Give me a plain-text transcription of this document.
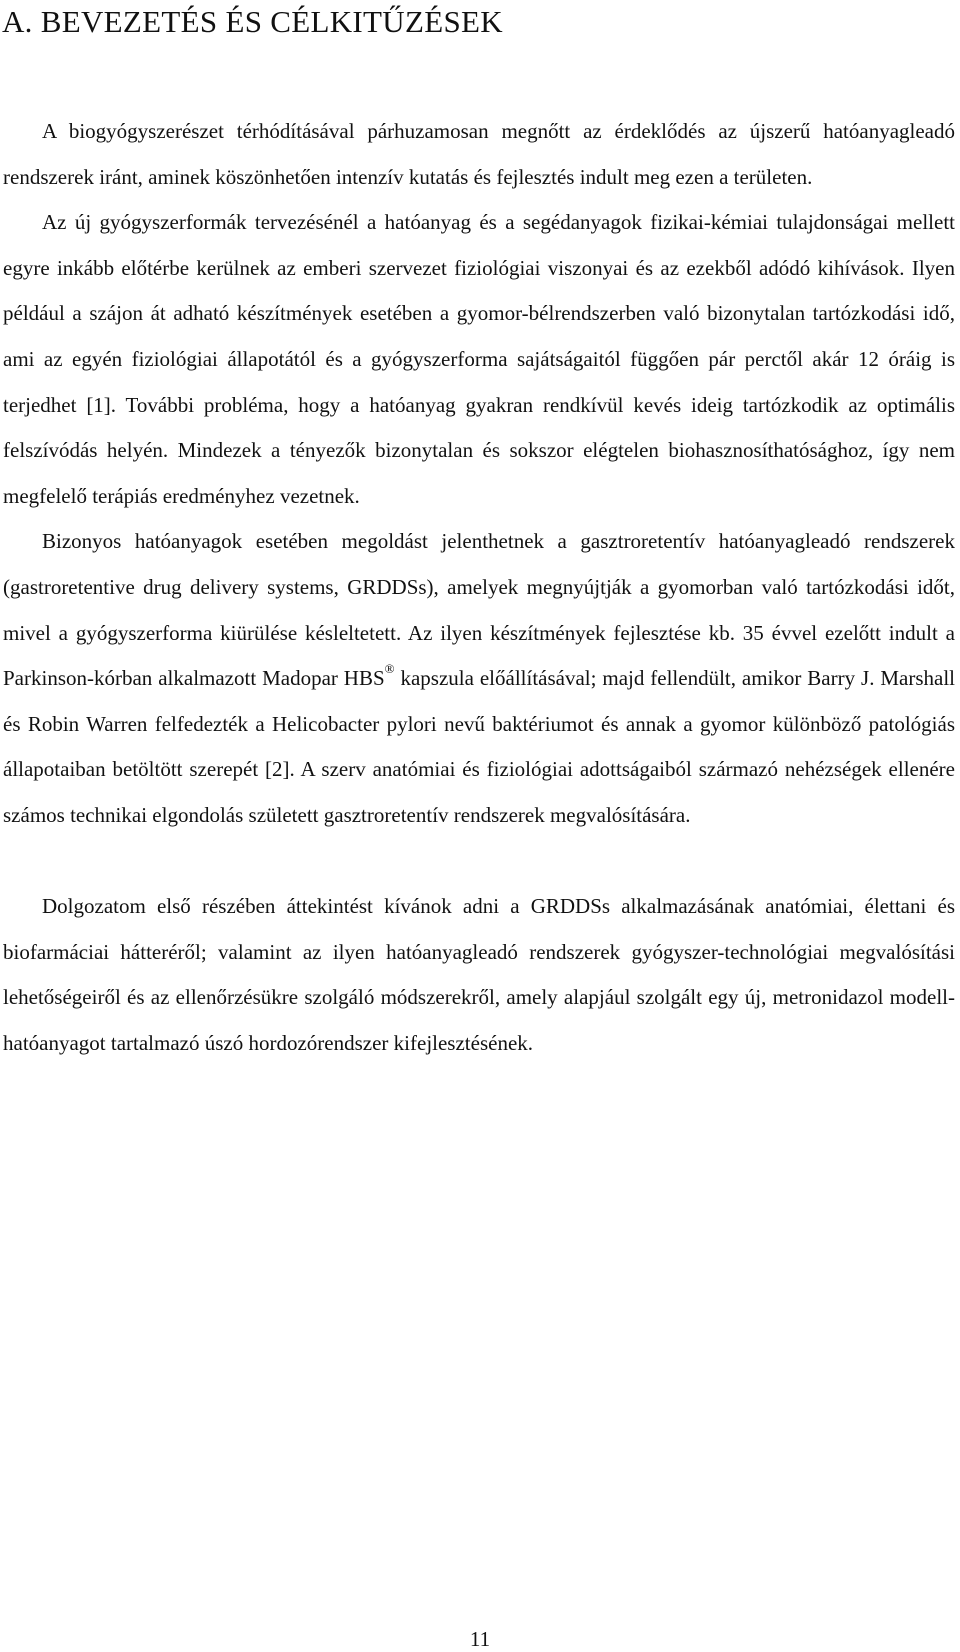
A. BEVEZETÉS ÉS CÉLKITŰZÉSEK

A biogyógyszerészet térhódításával párhuzamosan megnőtt az érdeklődés az újszerű hatóanyagleadó rendszerek iránt, aminek köszönhetően intenzív kutatás és fejlesztés indult meg ezen a területen.

Az új gyógyszerformák tervezésénél a hatóanyag és a segédanyagok fizikai-kémiai tulajdonságai mellett egyre inkább előtérbe kerülnek az emberi szervezet fiziológiai viszonyai és az ezekből adódó kihívások. Ilyen például a szájon át adható készítmények esetében a gyomor-bélrendszerben való bizonytalan tartózkodási idő, ami az egyén fiziológiai állapotától és a gyógyszerforma sajátságaitól függően pár perctől akár 12 óráig is terjedhet [1]. További probléma, hogy a hatóanyag gyakran rendkívül kevés ideig tartózkodik az optimális felszívódás helyén. Mindezek a tényezők bizonytalan és sokszor elégtelen biohasznosíthatósághoz, így nem megfelelő terápiás eredményhez vezetnek.

Bizonyos hatóanyagok esetében megoldást jelenthetnek a gasztroretentív hatóanyagleadó rendszerek (gastroretentive drug delivery systems, GRDDSs), amelyek megnyújtják a gyomorban való tartózkodási időt, mivel a gyógyszerforma kiürülése késleltetett. Az ilyen készítmények fejlesztése kb. 35 évvel ezelőtt indult a Parkinson-kórban alkalmazott Madopar HBS® kapszula előállításával; majd fellendült, amikor Barry J. Marshall és Robin Warren felfedezték a Helicobacter pylori nevű baktériumot és annak a gyomor különböző patológiás állapotaiban betöltött szerepét [2]. A szerv anatómiai és fiziológiai adottságaiból származó nehézségek ellenére számos technikai elgondolás született gasztroretentív rendszerek megvalósítására.

Dolgozatom első részében áttekintést kívánok adni a GRDDSs alkalmazásának anatómiai, élettani és biofarmáciai hátteréről; valamint az ilyen hatóanyagleadó rendszerek gyógyszer-technológiai megvalósítási lehetőségeiről és az ellenőrzésükre szolgáló módszerekről, amely alapjául szolgált egy új, metronidazol modell-hatóanyagot tartalmazó úszó hordozórendszer kifejlesztésének.

11
